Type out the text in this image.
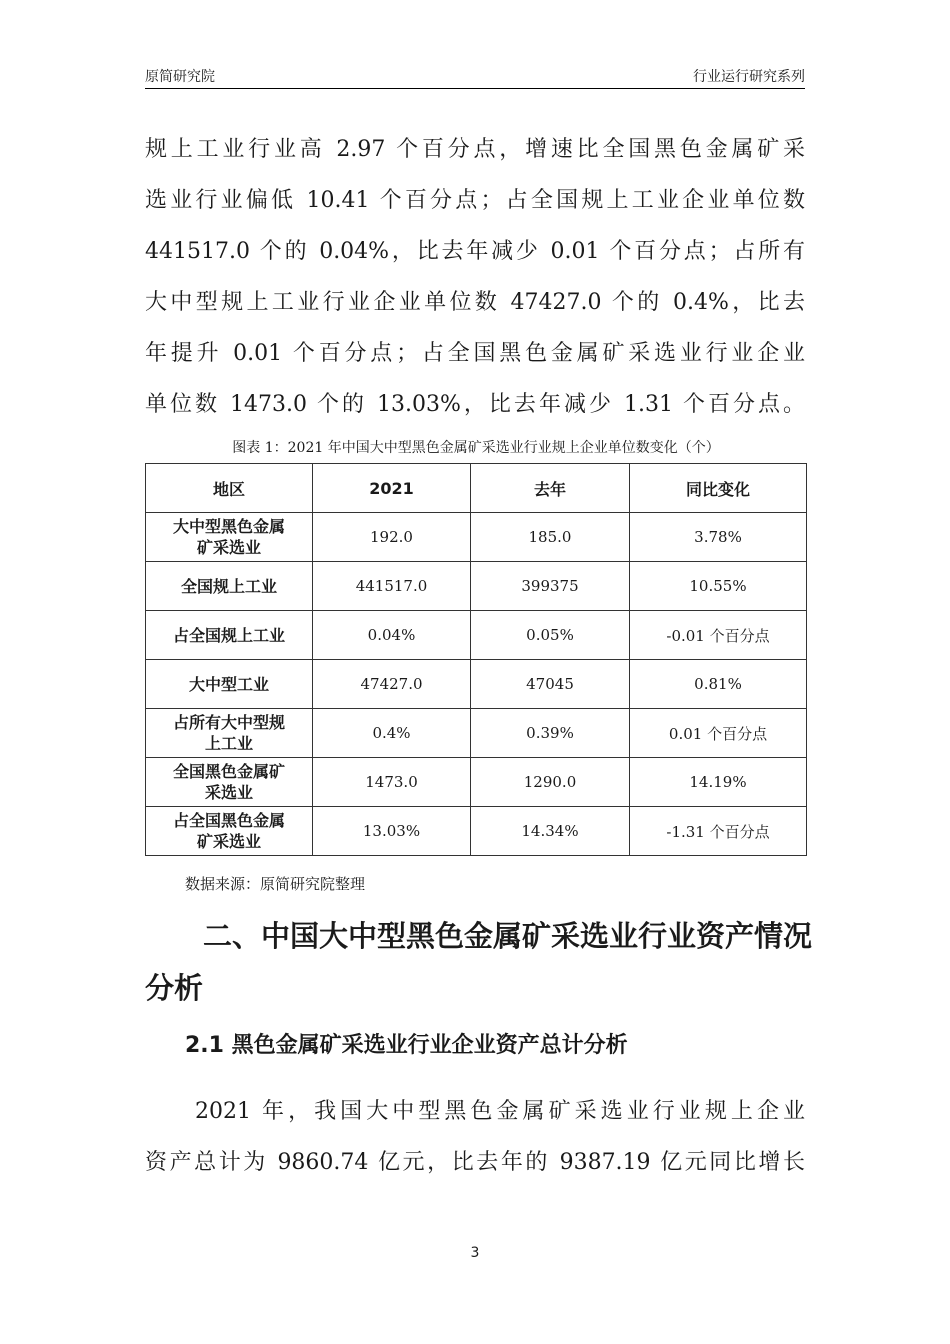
原简研究院	行业运行研究系列
规上工业行业高 2.97 个百分点，增速比全国黑色金属矿采
选业行业偏低 10.41 个百分点；占全国规上工业企业单位数
441517.0 个的 0.04%，比去年减少 0.01 个百分点；占所有
大中型规上工业行业企业单位数 47427.0 个的 0.4%，比去
年提升 0.01 个百分点；占全国黑色金属矿采选业行业企业
单位数 1473.0 个的 13.03%，比去年减少 1.31 个百分点。
图表 1：2021 年中国大中型黑色金属矿采选业行业规上企业单位数变化（个）
地区	2021	去年	同比变化
大中型黑色金属
矿采选业	192.0	185.0	3.78%
全国规上工业	441517.0	399375	10.55%
占全国规上工业	0.04%	0.05%	-0.01 个百分点
大中型工业	47427.0	47045	0.81%
占所有大中型规
上工业	0.4%	0.39%	0.01 个百分点
全国黑色金属矿
采选业	1473.0	1290.0	14.19%
占全国黑色金属
矿采选业	13.03%	14.34%	-1.31 个百分点
数据来源：原简研究院整理
二、中国大中型黑色金属矿采选业行业资产情况
分析
2.1 黑色金属矿采选业行业企业资产总计分析
2021 年，我国大中型黑色金属矿采选业行业规上企业
资产总计为 9860.74 亿元，比去年的 9387.19 亿元同比增长
3
